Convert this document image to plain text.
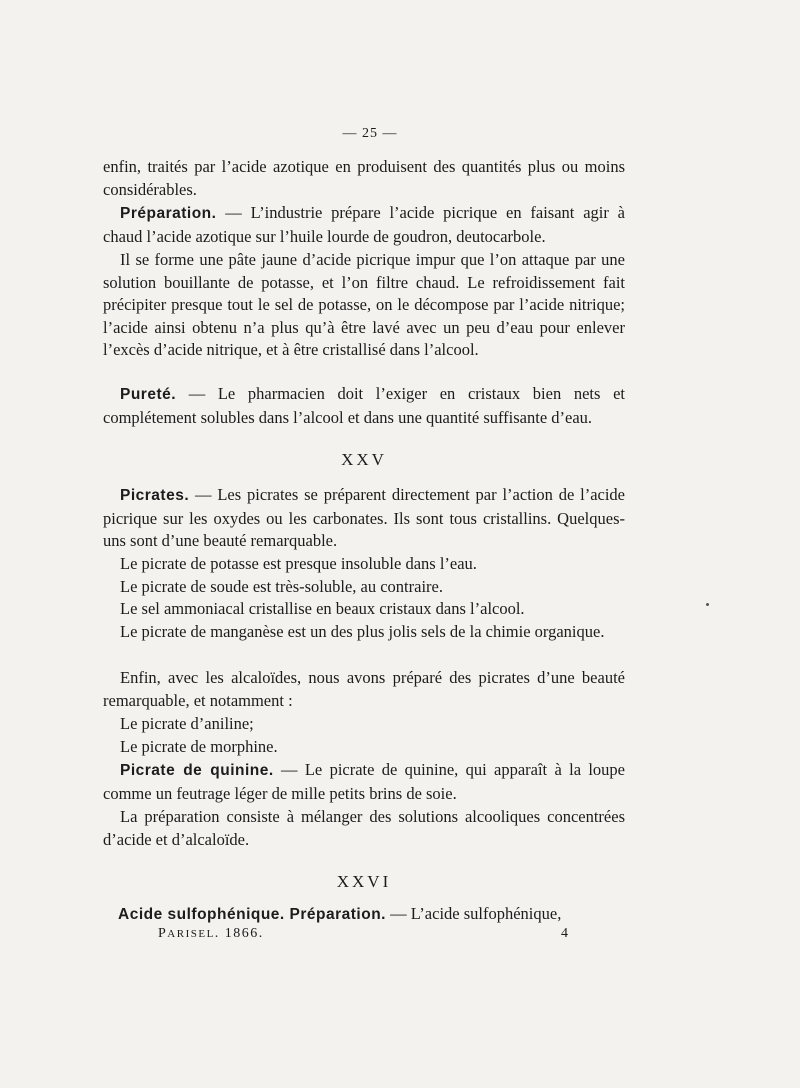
— 25 —

enfin, traités par l’acide azotique en produisent des quantités plus ou moins considérables.

Préparation. — L’industrie prépare l’acide picrique en faisant agir à chaud l’acide azotique sur l’huile lourde de goudron, deutocarbole.

Il se forme une pâte jaune d’acide picrique impur que l’on attaque par une solution bouillante de potasse, et l’on filtre chaud. Le refroidissement fait précipiter presque tout le sel de potasse, on le décompose par l’acide nitrique; l’acide ainsi obtenu n’a plus qu’à être lavé avec un peu d’eau pour enlever l’excès d’acide nitrique, et à être cristallisé dans l’alcool.

Pureté. — Le pharmacien doit l’exiger en cristaux bien nets et complétement solubles dans l’alcool et dans une quantité suffisante d’eau.

XXV

Picrates. — Les picrates se préparent directement par l’action de l’acide picrique sur les oxydes ou les carbonates. Ils sont tous cristallins. Quelques-uns sont d’une beauté remarquable.

Le picrate de potasse est presque insoluble dans l’eau.

Le picrate de soude est très-soluble, au contraire.

Le sel ammoniacal cristallise en beaux cristaux dans l’alcool.

Le picrate de manganèse est un des plus jolis sels de la chimie organique.

Enfin, avec les alcaloïdes, nous avons préparé des picrates d’une beauté remarquable, et notamment :

Le picrate d’aniline;

Le picrate de morphine.

Picrate de quinine. — Le picrate de quinine, qui apparaît à la loupe comme un feutrage léger de mille petits brins de soie.

La préparation consiste à mélanger des solutions alcooliques concentrées d’acide et d’alcaloïde.

XXVI

Acide sulfophénique. Préparation. — L’acide sulfophénique,

PARISEL. 1866.	4
